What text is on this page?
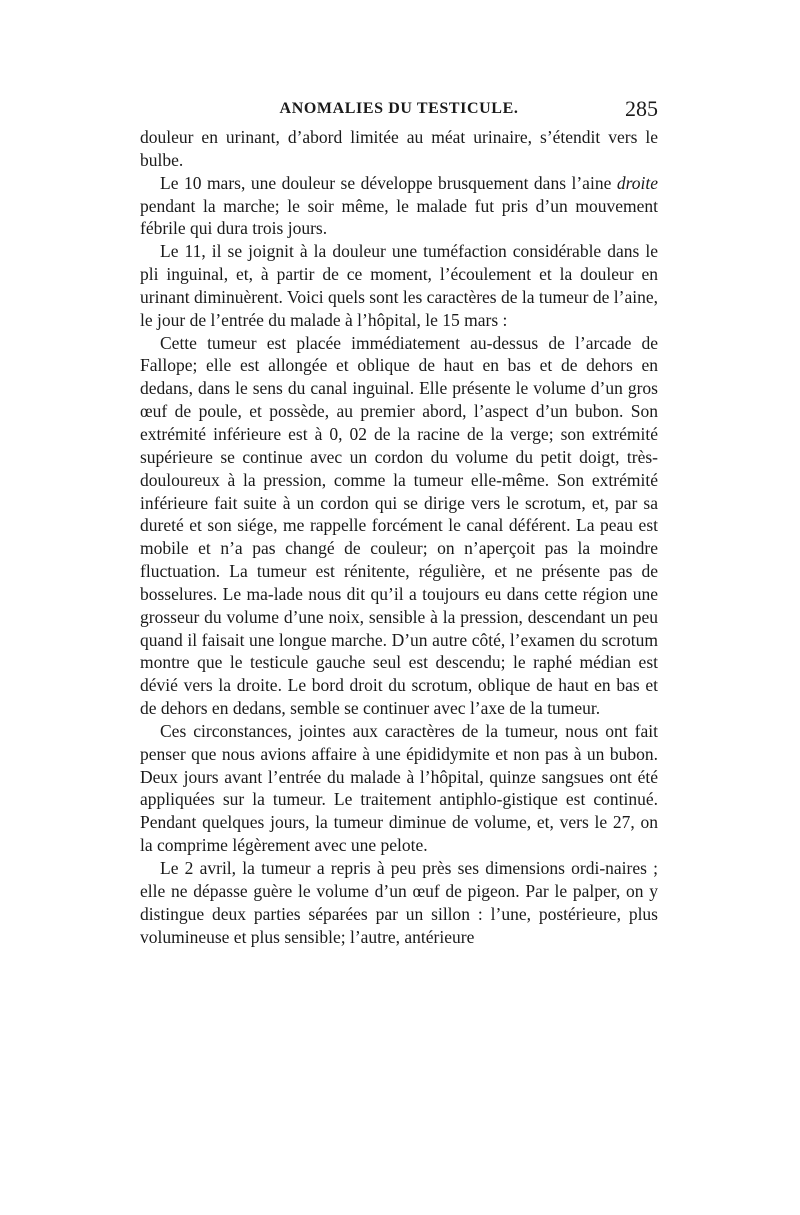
ANOMALIES DU TESTICULE.	285

douleur en urinant, d’abord limitée au méat urinaire, s’étendit vers le bulbe.

Le 10 mars, une douleur se développe brusquement dans l’aine droite pendant la marche; le soir même, le malade fut pris d’un mouvement fébrile qui dura trois jours.

Le 11, il se joignit à la douleur une tuméfaction considérable dans le pli inguinal, et, à partir de ce moment, l’écoulement et la douleur en urinant diminuèrent. Voici quels sont les caractères de la tumeur de l’aine, le jour de l’entrée du malade à l’hôpital, le 15 mars :

Cette tumeur est placée immédiatement au-dessus de l’arcade de Fallope; elle est allongée et oblique de haut en bas et de dehors en dedans, dans le sens du canal inguinal. Elle présente le volume d’un gros œuf de poule, et possède, au premier abord, l’aspect d’un bubon. Son extrémité inférieure est à 0, 02 de la racine de la verge; son extrémité supérieure se continue avec un cordon du volume du petit doigt, très-douloureux à la pression, comme la tumeur elle-même. Son extrémité inférieure fait suite à un cordon qui se dirige vers le scrotum, et, par sa dureté et son siége, me rappelle forcément le canal déférent. La peau est mobile et n’a pas changé de couleur; on n’aperçoit pas la moindre fluctuation. La tumeur est rénitente, régulière, et ne présente pas de bosselures. Le ma-lade nous dit qu’il a toujours eu dans cette région une grosseur du volume d’une noix, sensible à la pression, descendant un peu quand il faisait une longue marche. D’un autre côté, l’examen du scrotum montre que le testicule gauche seul est descendu; le raphé médian est dévié vers la droite. Le bord droit du scrotum, oblique de haut en bas et de dehors en dedans, semble se continuer avec l’axe de la tumeur.

Ces circonstances, jointes aux caractères de la tumeur, nous ont fait penser que nous avions affaire à une épididymite et non pas à un bubon. Deux jours avant l’entrée du malade à l’hôpital, quinze sangsues ont été appliquées sur la tumeur. Le traitement antiphlo-gistique est continué. Pendant quelques jours, la tumeur diminue de volume, et, vers le 27, on la comprime légèrement avec une pelote.

Le 2 avril, la tumeur a repris à peu près ses dimensions ordi-naires ; elle ne dépasse guère le volume d’un œuf de pigeon. Par le palper, on y distingue deux parties séparées par un sillon : l’une, postérieure, plus volumineuse et plus sensible; l’autre, antérieure
